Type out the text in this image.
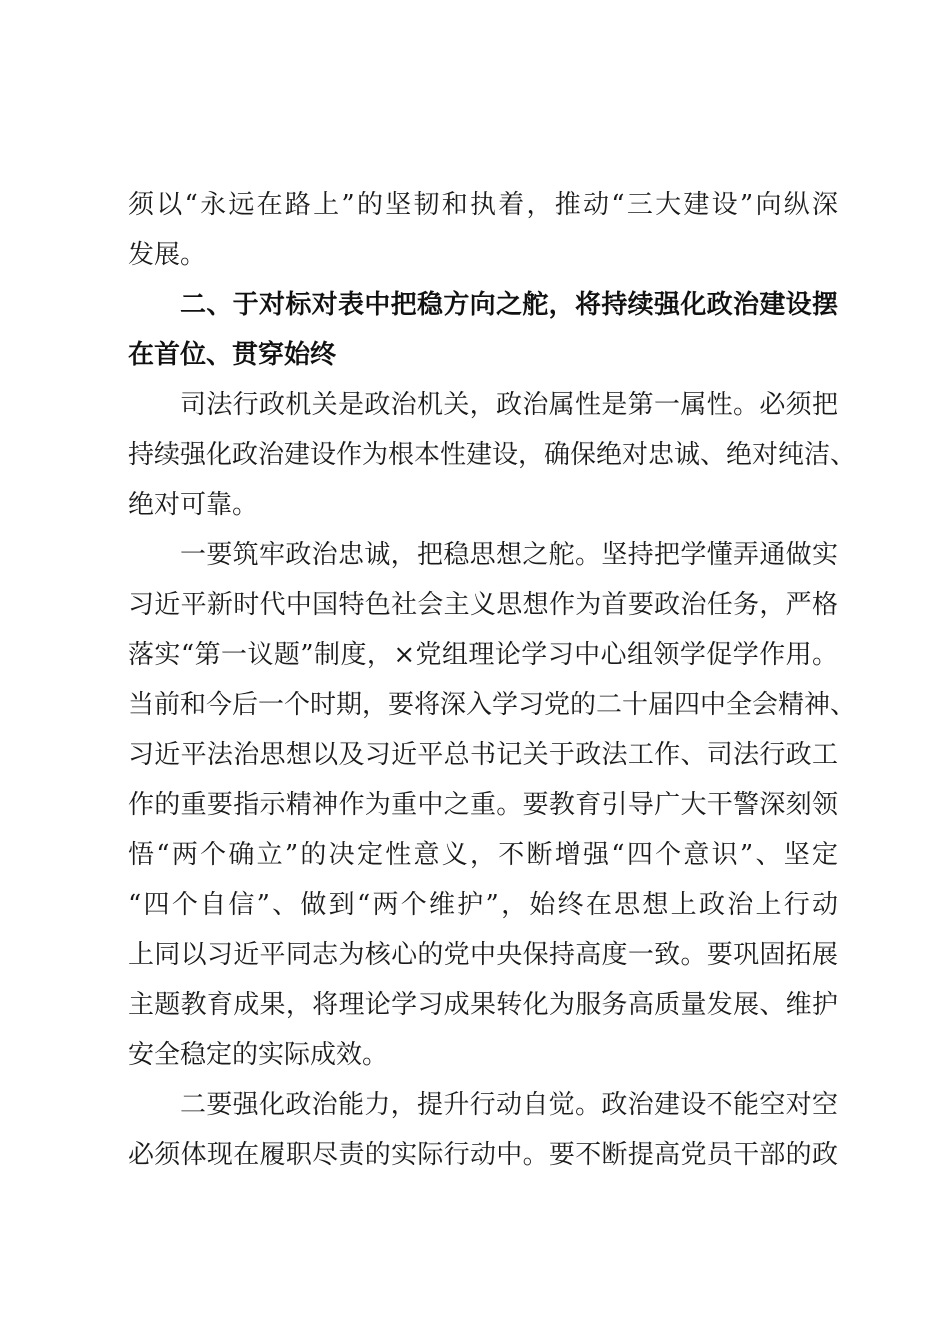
须以“永远在路上”的坚韧和执着，推动“三大建设”向纵深
发展。
二、于对标对表中把稳方向之舵，将持续强化政治建设摆
在首位、贯穿始终
司法行政机关是政治机关，政治属性是第一属性。必须把
持续强化政治建设作为根本性建设，确保绝对忠诚、绝对纯洁、
绝对可靠。
一要筑牢政治忠诚，把稳思想之舵。坚持把学懂弄通做实
习近平新时代中国特色社会主义思想作为首要政治任务，严格
落实“第一议题”制度，×党组理论学习中心组领学促学作用。
当前和今后一个时期，要将深入学习党的二十届四中全会精神、
习近平法治思想以及习近平总书记关于政法工作、司法行政工
作的重要指示精神作为重中之重。要教育引导广大干警深刻领
悟“两个确立”的决定性意义，不断增强“四个意识”、坚定
“四个自信”、做到“两个维护”，始终在思想上政治上行动
上同以习近平同志为核心的党中央保持高度一致。要巩固拓展
主题教育成果，将理论学习成果转化为服务高质量发展、维护
安全稳定的实际成效。
二要强化政治能力，提升行动自觉。政治建设不能空对空
必须体现在履职尽责的实际行动中。要不断提高党员干部的政
